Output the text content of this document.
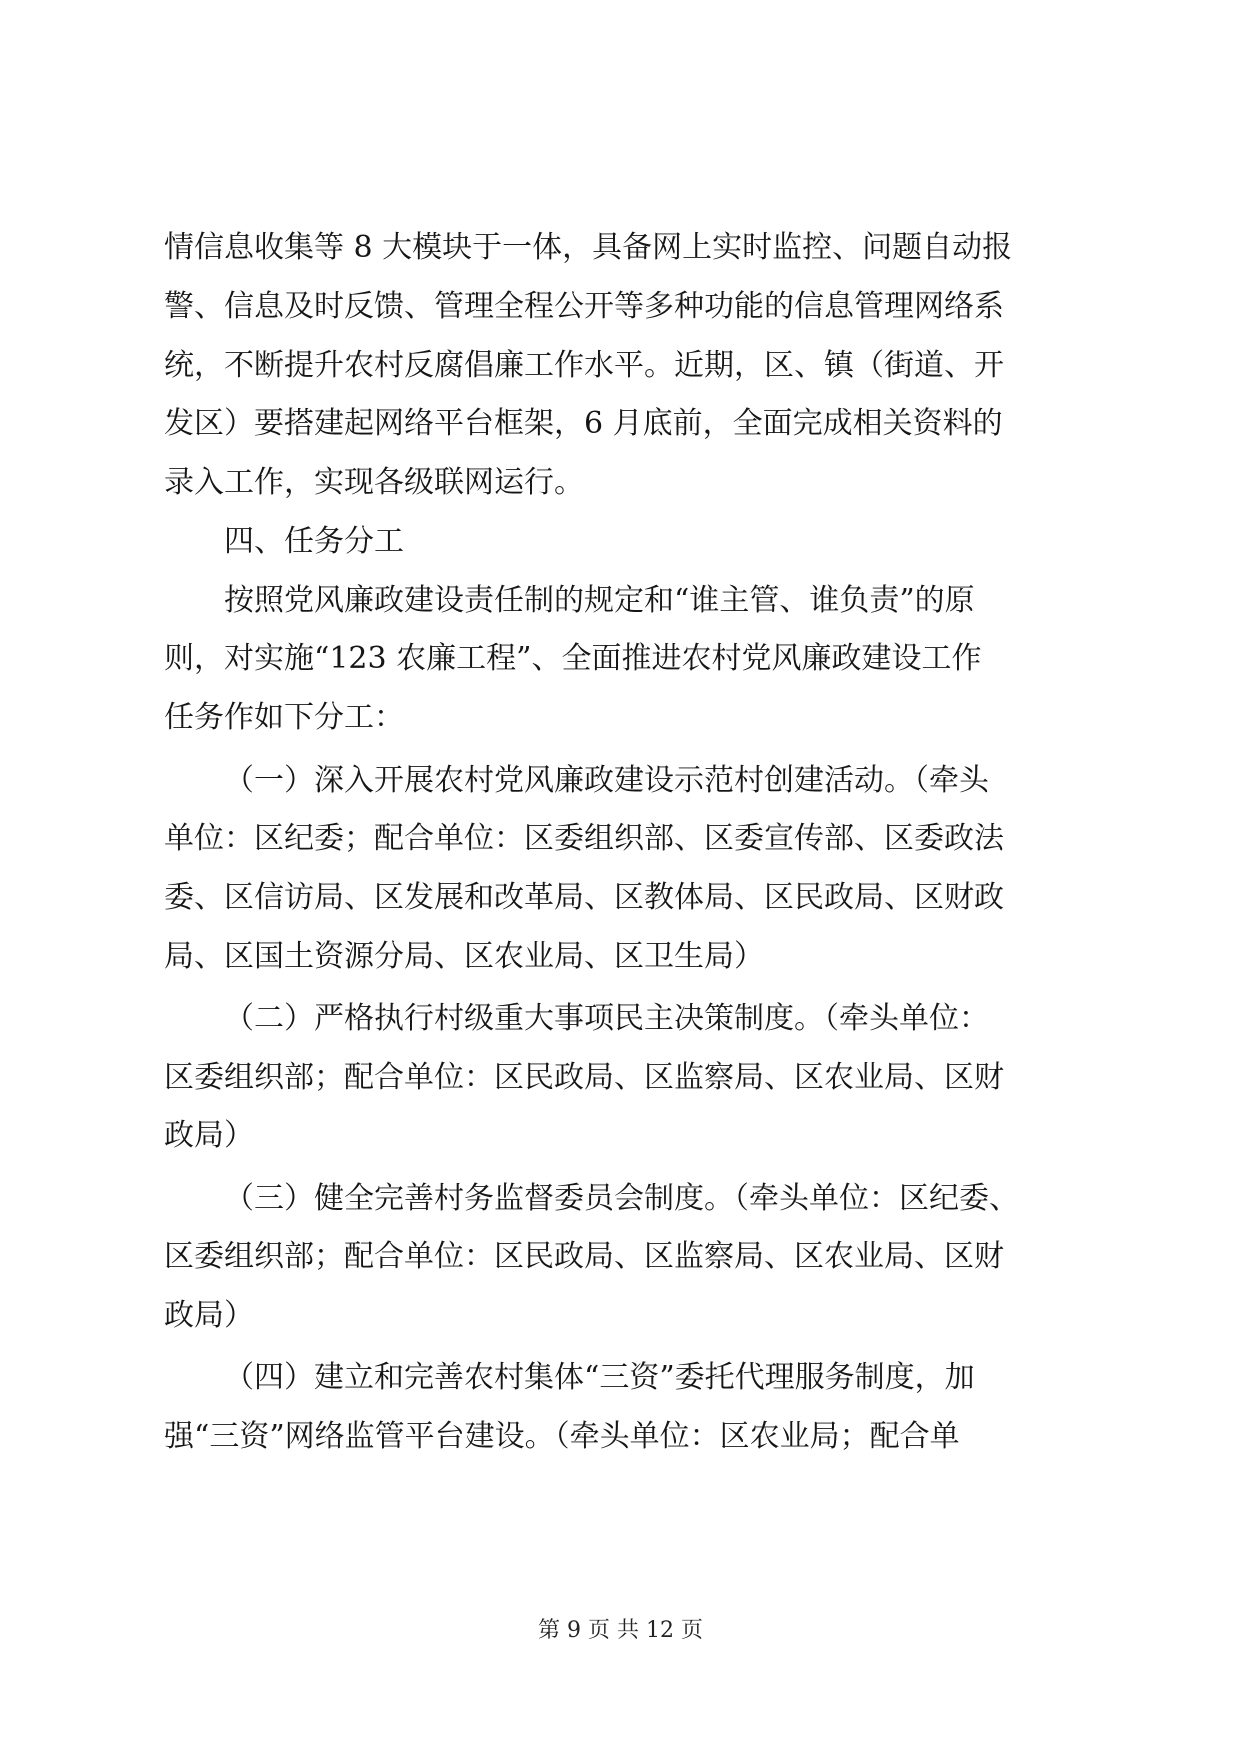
情信息收集等 8 大模块于一体，具备网上实时监控、问题自动报
警、信息及时反馈、管理全程公开等多种功能的信息管理网络系
统，不断提升农村反腐倡廉工作水平。近期，区、镇（街道、开
发区）要搭建起网络平台框架，6 月底前，全面完成相关资料的
录入工作，实现各级联网运行。
四、任务分工
按照党风廉政建设责任制的规定和“谁主管、谁负责”的原
则，对实施“123 农廉工程”、全面推进农村党风廉政建设工作
任务作如下分工：
（一）深入开展农村党风廉政建设示范村创建活动。（牵头
单位：区纪委；配合单位：区委组织部、区委宣传部、区委政法
委、区信访局、区发展和改革局、区教体局、区民政局、区财政
局、区国土资源分局、区农业局、区卫生局）
（二）严格执行村级重大事项民主决策制度。（牵头单位：
区委组织部；配合单位：区民政局、区监察局、区农业局、区财
政局）
（三）健全完善村务监督委员会制度。（牵头单位：区纪委、
区委组织部；配合单位：区民政局、区监察局、区农业局、区财
政局）
（四）建立和完善农村集体“三资”委托代理服务制度，加
强“三资”网络监管平台建设。（牵头单位：区农业局；配合单
第 9 页 共 12 页
